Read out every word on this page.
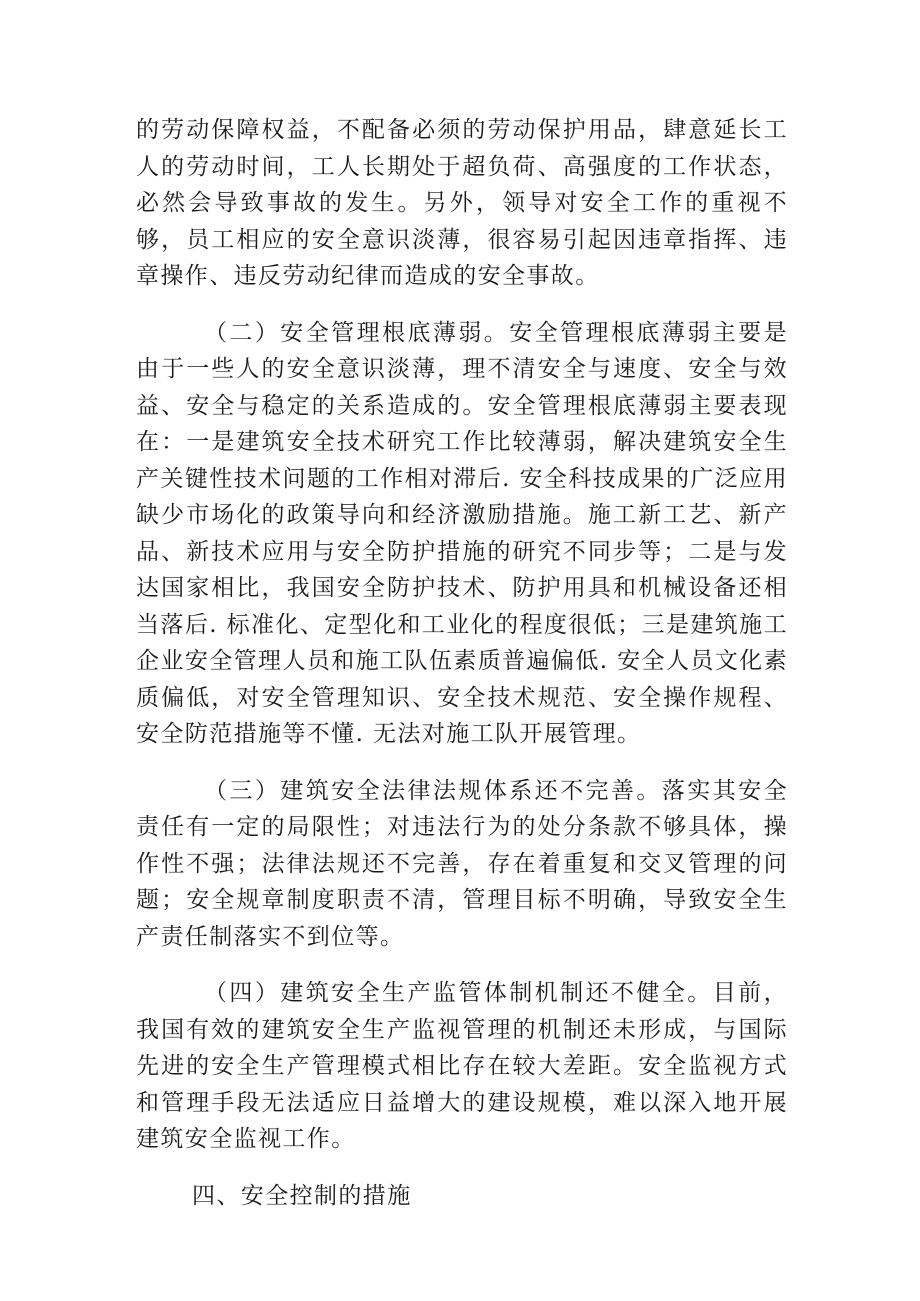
的劳动保障权益，不配备必须的劳动保护用品，肆意延长工人的劳动时间，工人长期处于超负荷、高强度的工作状态，必然会导致事故的发生。另外，领导对安全工作的重视不够，员工相应的安全意识淡薄，很容易引起因违章指挥、违章操作、违反劳动纪律而造成的安全事故。

（二）安全管理根底薄弱。安全管理根底薄弱主要是由于一些人的安全意识淡薄，理不清安全与速度、安全与效益、安全与稳定的关系造成的。安全管理根底薄弱主要表现在：一是建筑安全技术研究工作比较薄弱，解决建筑安全生产关键性技术问题的工作相对滞后. 安全科技成果的广泛应用缺少市场化的政策导向和经济激励措施。施工新工艺、新产品、新技术应用与安全防护措施的研究不同步等；二是与发达国家相比，我国安全防护技术、防护用具和机械设备还相当落后. 标准化、定型化和工业化的程度很低；三是建筑施工企业安全管理人员和施工队伍素质普遍偏低. 安全人员文化素质偏低，对安全管理知识、安全技术规范、安全操作规程、安全防范措施等不懂. 无法对施工队开展管理。

（三）建筑安全法律法规体系还不完善。落实其安全责任有一定的局限性；对违法行为的处分条款不够具体，操作性不强；法律法规还不完善，存在着重复和交叉管理的问题；安全规章制度职责不清，管理目标不明确，导致安全生产责任制落实不到位等。

（四）建筑安全生产监管体制机制还不健全。目前，我国有效的建筑安全生产监视管理的机制还未形成，与国际先进的安全生产管理模式相比存在较大差距。安全监视方式和管理手段无法适应日益增大的建设规模，难以深入地开展建筑安全监视工作。

四、安全控制的措施
